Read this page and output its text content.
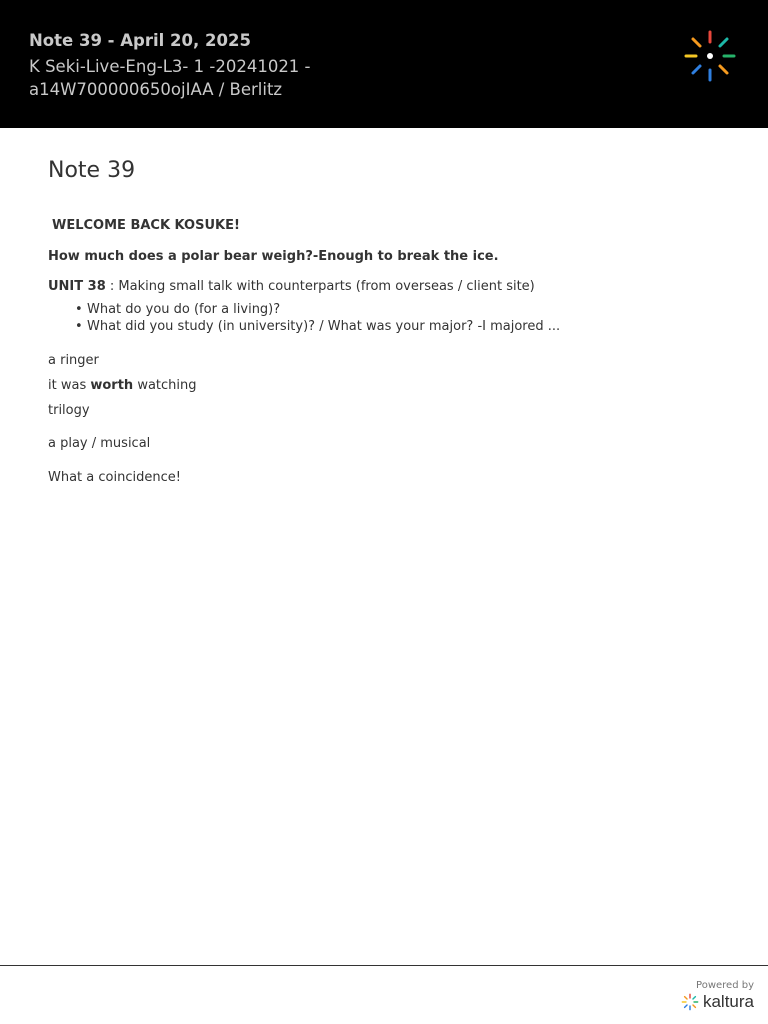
Note 39 - April 20, 2025
K Seki-Live-Eng-L3- 1 -20241021 - a14W700000650ojIAA / Berlitz
Note 39

WELCOME BACK KOSUKE!

How much does a polar bear weigh?-Enough to break the ice.

UNIT 38 : Making small talk with counterparts (from overseas / client site)

• What do you do (for a living)?
• What did you study (in university)? / What was your major? -I majored ...

a ringer

it was worth watching

trilogy

a play / musical

What a coincidence!

Powered by
kaltura
